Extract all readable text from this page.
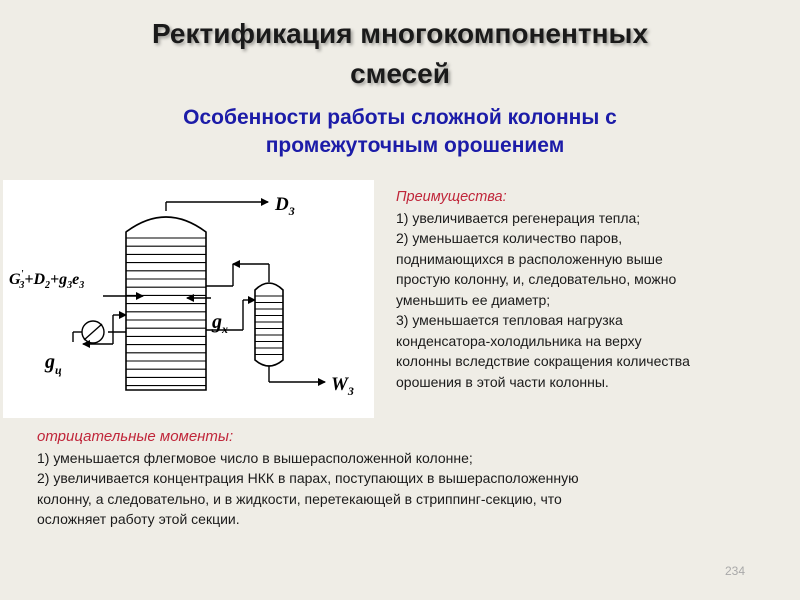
Ректификация многокомпонентных
смесей
Особенности работы сложной колонны с
промежуточным орошением
$D_3$
G' $3+D_2+g_3e_3$
$g_x$
$g_ц$
$W_3$
Преимущества:
1) увеличивается регенерация тепла;
2) уменьшается количество паров,
поднимающихся в расположенную выше
простую колонну, и, следовательно, можно
уменьшить ее диаметр;
3) уменьшается тепловая нагрузка
конденсатора-холодильника на верху
колонны вследствие сокращения количества
орошения в этой части колонны.
отрицательные моменты:
1) уменьшается флегмовое число в вышерасположенной колонне;
2) увеличивается концентрация НКК в парах, поступающих в вышерасположенную
колонну, а следовательно, и в жидкости, перетекающей в стриппинг-секцию, что
осложняет работу этой секции.
234
